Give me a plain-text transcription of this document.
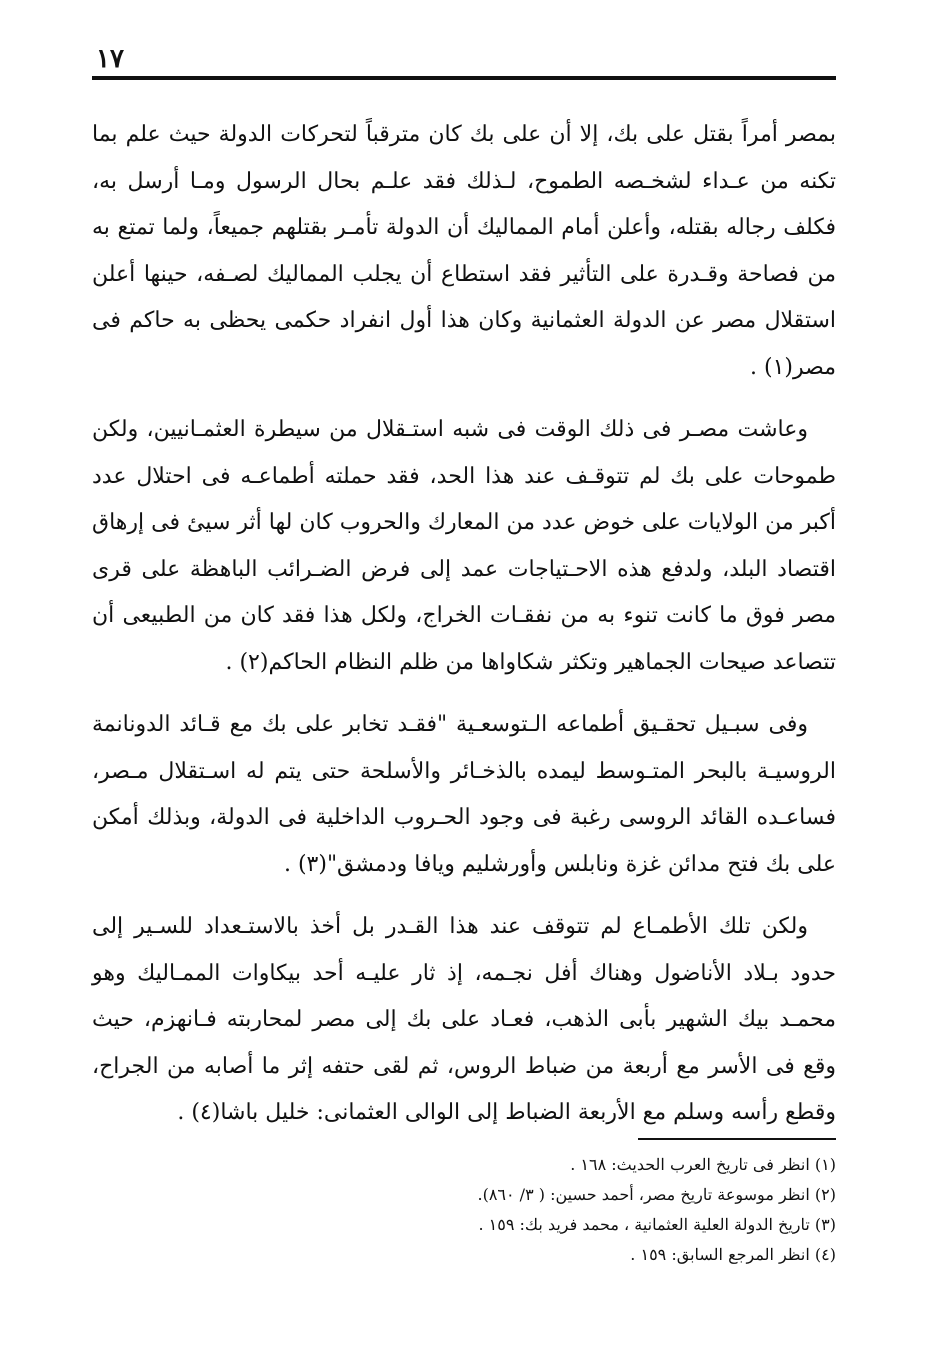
١٧

بمصر أمراً بقتل على بك، إلا أن على بك كان مترقباً لتحركات الدولة حيث علم بما تكنه من عـداء لشخـصه الطموح، لـذلك فقد علـم بحال الرسول ومـا أرسل به، فكلف رجاله بقتله، وأعلن أمام المماليك أن الدولة تأمـر بقتلهم جميعاً، ولما تمتع به من فصاحة وقـدرة على التأثير فقد استطاع أن يجلب المماليك لصـفه، حينها أعلن استقلال مصر عن الدولة العثمانية وكان هذا أول انفراد حكمى يحظى به حاكم فى مصر(١) .

وعاشت مصـر فى ذلك الوقت فى شبه استـقلال من سيطرة العثمـانيين، ولكن طموحات على بك لم تتوقـف عند هذا الحد، فقد حملته أطماعـه فى احتلال عدد أكبر من الولايات على خوض عدد من المعارك والحروب كان لها أثر سيئ فى إرهاق اقتصاد البلد، ولدفع هذه الاحـتياجات عمد إلى فرض الضـرائب الباهظة على قرى مصر فوق ما كانت تنوء به من نفقـات الخراج، ولكل هذا فقد كان من الطبيعى أن تتصاعد صيحات الجماهير وتكثر شكاواها من ظلم النظام الحاكم(٢) .

وفى سبـيل تحقـيق أطماعه الـتوسعـية "فقـد تخابر على بك مع قـائد الدونانمة الروسيـة بالبحر المتـوسط ليمده بالذخـائر والأسلحة حتى يتم له اسـتقلال مـصر، فساعـده القائد الروسى رغبة فى وجود الحـروب الداخلية فى الدولة، وبذلك أمكن على بك فتح مدائن غزة ونابلس وأورشليم ويافا ودمشق"(٣) .

ولكن تلك الأطمـاع لم تتوقف عند هذا القـدر بل أخذ بالاستـعداد للسـير إلى حدود بـلاد الأناضول وهناك أفل نجـمه، إذ ثار عليـه أحد بيكاوات الممـاليك وهو محمـد بيك الشهير بأبى الذهب، فعـاد على بك إلى مصر لمحاربته فـانهزم، حيث وقع فى الأسر مع أربعة من ضباط الروس، ثم لقى حتفه إثر ما أصابه من الجراح، وقطع رأسه وسلم مع الأربعة الضباط إلى الوالى العثمانى: خليل باشا(٤) .

(١) انظر فى تاريخ العرب الحديث: ١٦٨ .

(٢) انظر موسوعة تاريخ مصر، أحمد حسين: ( ٣/ ٨٦٠).

(٣) تاريخ الدولة العلية العثمانية ، محمد فريد بك: ١٥٩ .

(٤) انظر المرجع السابق: ١٥٩ .
